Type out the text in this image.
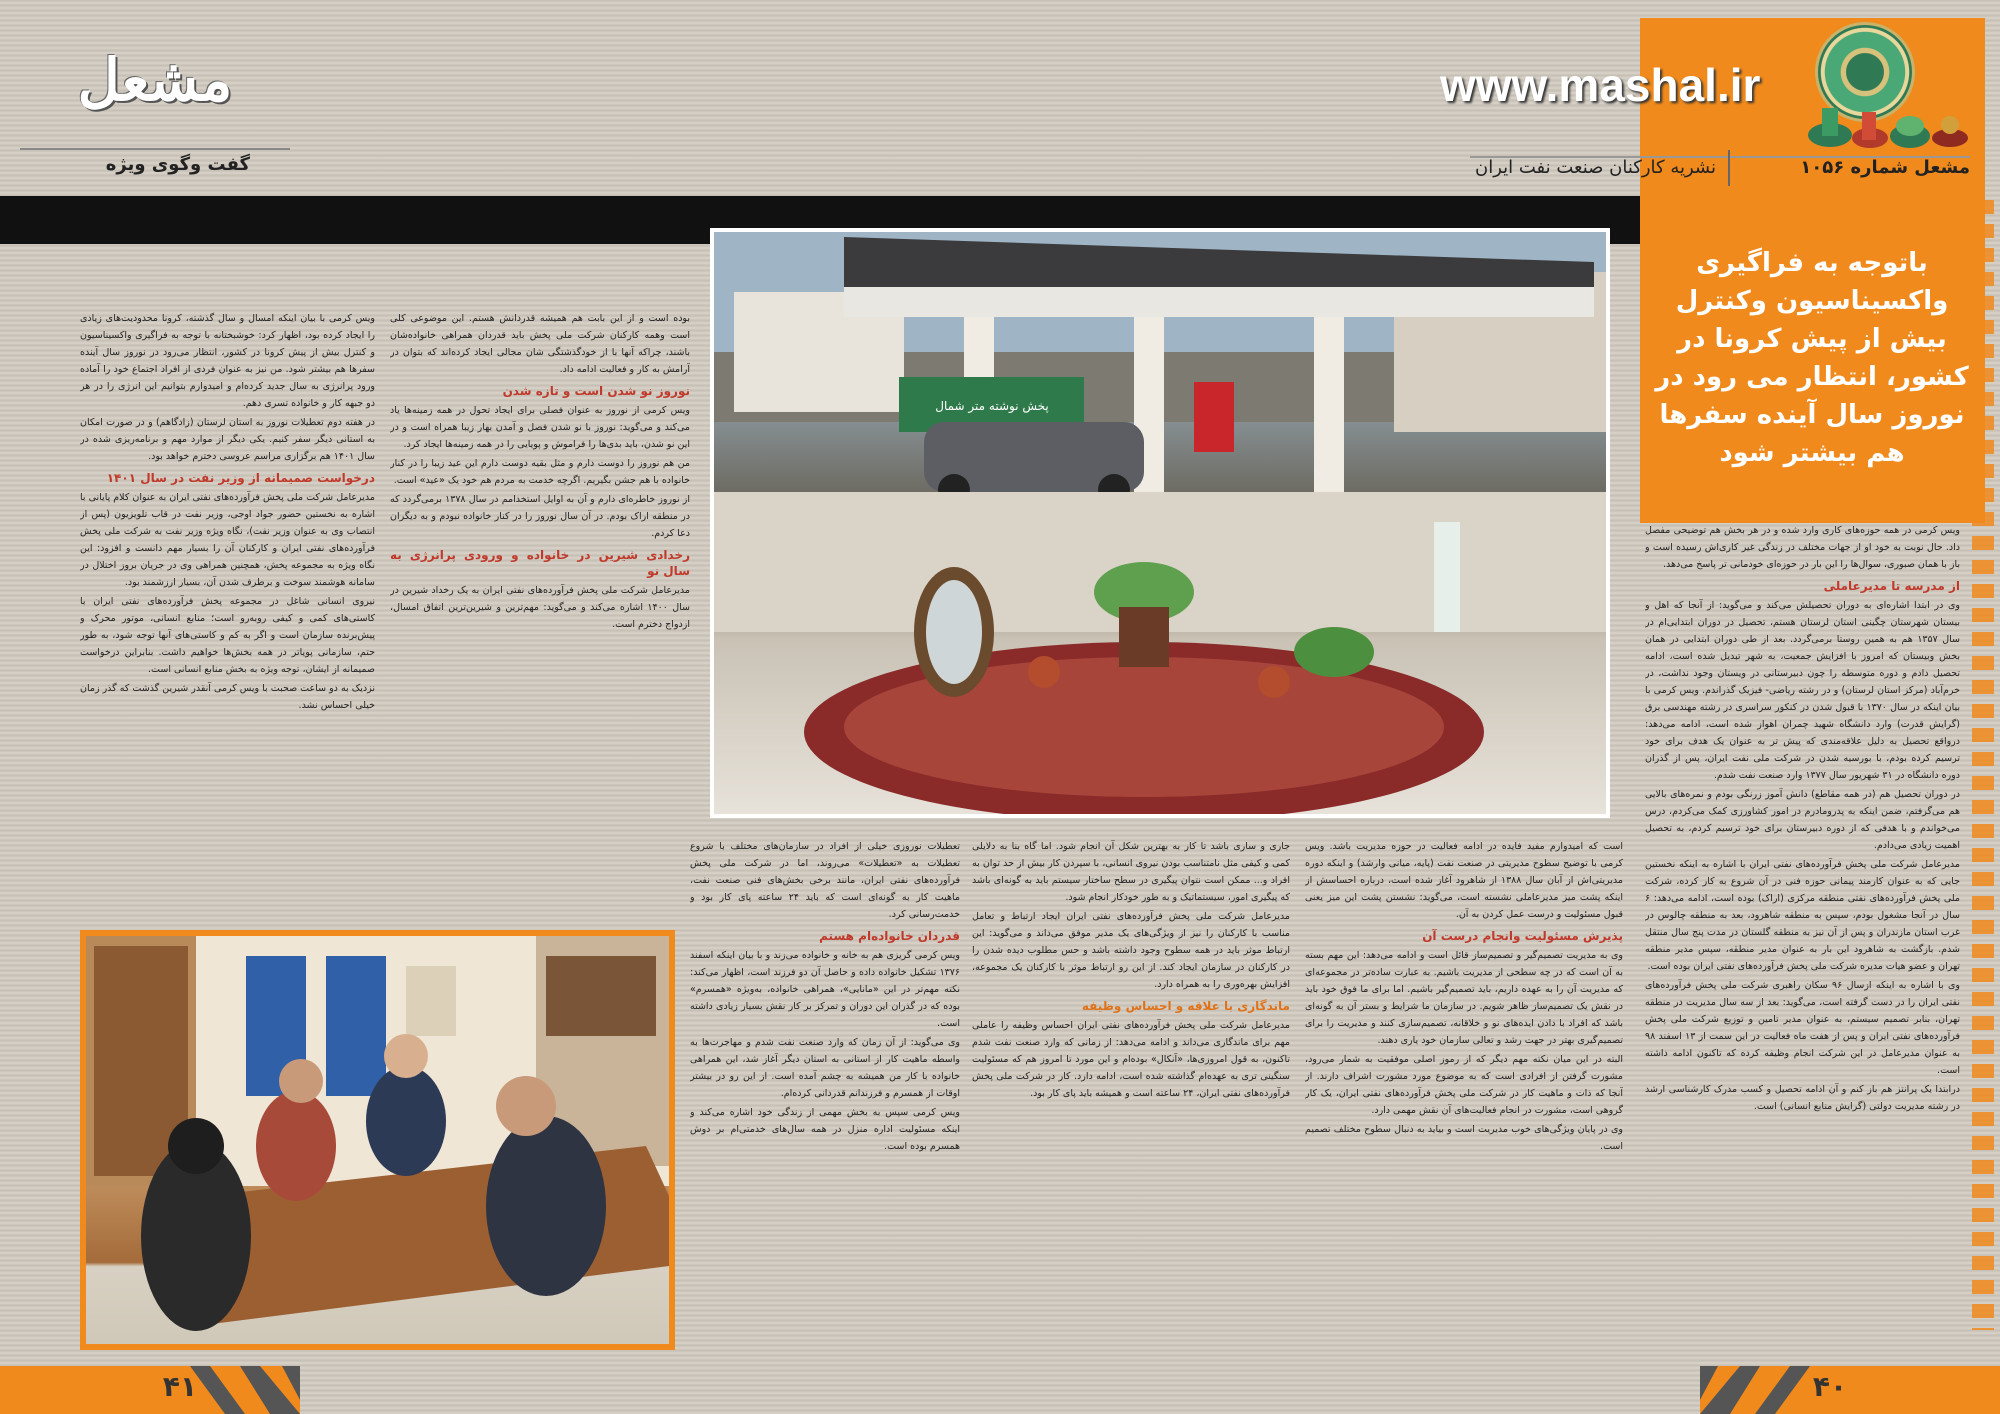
مشعل
گفت وگوی ویژه
www.mashal.ir
مشعل شماره ۱۰۵۶
نشریه کارکنان صنعت نفت ایران
باتوجه به فراگیری واکسیناسیون وکنترل بیش از پیش کرونا در کشور، انتظار می رود در نوروز سال آینده سفرها هم بیشتر شود

ویس کرمی در همه حوزه‌های کاری وارد شده و در هر بخش هم توضیحی مفصل داد. حال نوبت به خود او از جهات مختلف در زندگی غیر کاری‌اش رسیده است و باز با همان صبوری، سوال‌ها را این بار در حوزه‌ای خودمانی تر پاسخ می‌دهد.

از مدرسه تا مدیرعاملی

وی در ابتدا اشاره‌ای به دوران تحصیلش می‌کند و می‌گوید: از آنجا که اهل و بیستان شهرستان چگینی استان لرستان هستم، تحصیل در دوران ابتدایی‌ام در سال ۱۳۵۷ هم به همین روستا برمی‌گردد. بعد از طی دوران ابتدایی در همان بخش وبیستان که امروز با افزایش جمعیت، به شهر تبدیل شده است، ادامه تحصیل دادم و دوره متوسطه را چون دبیرستانی در ویستان وجود نداشت، در خرم‌آباد (مرکز استان لرستان) و در رشته ریاضی- فیزیک گذراندم. ویس کرمی با بیان اینکه در سال ۱۳۷۰ با قبول شدن در کنکور سراسری در رشته مهندسی برق (گرایش قدرت) وارد دانشگاه شهید چمران اهواز شده است، ادامه می‌دهد: درواقع تحصیل به دلیل علاقه‌مندی که پیش تر به عنوان یک هدف برای خود ترسیم کرده بودم، با بورسیه شدن در شرکت ملی نفت ایران، پس از گذران دوره دانشگاه در ۳۱ شهریور سال ۱۳۷۷ وارد صنعت نفت شدم.

در دوران تحصیل هم (در همه مقاطع) دانش آموز زرنگی بودم و نمره‌های بالایی هم می‌گرفتم، ضمن اینکه به پدرومادرم در امور کشاورزی کمک می‌کردم، درس می‌خواندم و با هدفی که از دوره دبیرستان برای خود ترسیم کردم، به تحصیل اهمیت زیادی می‌دادم.

مدیرعامل شرکت ملی پخش فرآورده‌های نفتی ایران با اشاره به اینکه نخستین جایی که به عنوان کارمند پیمانی حوزه فنی در آن شروع به کار کرده، شرکت ملی پخش فرآورده‌های نفتی منطقه مرکزی (اراک) بوده است، ادامه می‌دهد: ۶ سال در آنجا مشغول بودم، سپس به منطقه شاهرود، بعد به منطقه چالوس در غرب استان مازندران و پس از آن نیز به منطقه گلستان در مدت پنج سال منتقل شدم. بازگشت به شاهرود این بار به عنوان مدیر منطقه، سپس مدیر منطقه تهران و عضو هیات مدیره شرکت ملی پخش فرآورده‌های نفتی ایران بوده است.

وی با اشاره به اینکه ازسال ۹۶ سکان راهبری شرکت ملی پخش فرآورده‌های نفتی ایران را در دست گرفته است، می‌گوید: بعد از سه سال مدیریت در منطقه تهران، بنابر تصمیم سیستم، به عنوان مدیر تامین و توزیع شرکت ملی پخش فرآورده‌های نفتی ایران و پس از هفت ماه فعالیت در این سمت از ۱۳ اسفند ۹۸ به عنوان مدیرعامل در این شرکت انجام وظیفه کرده که تاکنون ادامه داشته است.

درابتدا یک پرانتز هم باز کنم و آن ادامه تحصیل و کسب مدرک کارشناسی ارشد در رشته مدیریت دولتی (گرایش منابع انسانی) است.

پخش نوشته متر شمال

است که امیدوارم مفید فایده در ادامه فعالیت در حوزه مدیریت باشد. ویس کرمی با توضیح سطوح مدیریتی در صنعت نفت (پایه، میانی وارشد) و اینکه دوره مدیریتی‌اش از آبان سال ۱۳۸۸ از شاهرود آغاز شده است، درباره احساسش از اینکه پشت میز مدیرعاملی نشسته است، می‌گوید: نشستن پشت این میز یعنی قبول مسئولیت و درست عمل کردن به آن.

پذیرش مسئولیت وانجام درست آن

وی به مدیریت تصمیم‌گیر و تصمیم‌ساز قائل است و ادامه می‌دهد: این مهم بسته به آن است که در چه سطحی از مدیریت باشیم. به عبارت ساده‌تر در مجموعه‌ای که مدیریت آن را به عهده داریم، باید تصمیم‌گیر باشیم. اما برای ما فوق خود باید در نقش یک تصمیم‌ساز ظاهر شویم. در سازمان ما شرایط و بستر آن به گونه‌ای باشد که افراد با دادن ایده‌های نو و خلاقانه، تصمیم‌سازی کنند و مدیریت را برای تصمیم‌گیری بهتر در جهت رشد و تعالی سازمان خود یاری دهند.

البته در این میان نکته مهم دیگر که از رموز اصلی موفقیت به شمار می‌رود، مشورت گرفتن از افرادی است که به موضوع مورد مشورت اشراف دارند. از آنجا که ذات و ماهیت کار در شرکت ملی پخش فرآورده‌های نفتی ایران، یک کار گروهی است، مشورت در انجام فعالیت‌های آن نقش مهمی دارد.

وی در پایان ویژگی‌های خوب مدیریت است و بیاید به دنبال سطوح مختلف تصمیم است.

جاری و ساری باشد تا کار به بهترین شکل آن انجام شود. اما گاه بنا به دلایلی کمی و کیفی مثل نامتناسب بودن نیروی انسانی، با سپردن کار بیش از حد توان به افراد و... ممکن است نتوان پیگیری در سطح ساختار سیستم باید به گونه‌ای باشد که پیگیری امور، سیستماتیک و به طور خودکار انجام شود.

مدیرعامل شرکت ملی پخش فرآورده‌های نفتی ایران ایجاد ارتباط و تعامل مناسب با کارکنان را نیز از ویژگی‌های یک مدیر موفق می‌داند و می‌گوید: این ارتباط موثر باید در همه سطوح وجود داشته باشد و حس مطلوب دیده شدن را در کارکنان در سازمان ایجاد کند. از این رو ارتباط موثر با کارکنان یک مجموعه، افزایش بهره‌وری را به همراه دارد.

ماندگاری با علاقه و احساس وظیفه

مدیرعامل شرکت ملی پخش فرآورده‌های نفتی ایران احساس وظیفه را عاملی مهم برای ماندگاری می‌داند و ادامه می‌دهد: از زمانی که وارد صنعت نفت شدم تاکنون، به قول امروزی‌ها، «آنکال» بوده‌ام و این مورد تا امروز هم که مسئولیت سنگینی تری به عهده‌ام گذاشته شده است، ادامه دارد. کار در شرکت ملی پخش فرآورده‌های نفتی ایران، ۲۴ ساعته است و همیشه باید پای کار بود.

تعطیلات نوروزی خیلی از افراد در سازمان‌های مختلف با شروع تعطیلات به «تعطیلات» می‌روند، اما در شرکت ملی پخش فرآورده‌های نفتی ایران، مانند برخی بخش‌های فنی صنعت نفت، ماهیت کار به گونه‌ای است که باید ۲۴ ساعته پای کار بود و خدمت‌رسانی کرد.

قدردان خانواده‌ام هستم

ویس کرمی گریزی هم به خانه و خانواده می‌زند و با بیان اینکه اسفند ۱۳۷۶ تشکیل خانواده داده و حاصل آن دو فرزند است، اظهار می‌کند: نکته مهم‌تر در این «مانایی»، همراهی خانواده، به‌ویژه «همسرم» بوده که در گذران این دوران و تمرکز بر کار نقش بسیار زیادی داشته است.

وی می‌گوید: از آن زمان که وارد صنعت نفت شدم و مهاجرت‌ها به واسطه ماهیت کار از استانی به استان دیگر آغاز شد، این همراهی خانواده با کار من همیشه به چشم آمده است. از این رو در بیشتر اوقات از همسرم و فرزندانم قدردانی کرده‌ام.

ویس کرمی سپس به بخش مهمی از زندگی خود اشاره می‌کند و اینکه مسئولیت اداره منزل در همه سال‌های خدمتی‌ام بر دوش همسرم بوده است.

بوده است و از این بابت هم همیشه قدردانش هستم. این موضوعی کلی است وهمه کارکنان شرکت ملی پخش باید قدردان همراهی خانواده‌شان باشند، چراکه آنها با از خودگذشتگی شان مجالی ایجاد کرده‌اند که بتوان در آرامش به کار و فعالیت ادامه داد.

نوروز نو شدن است و تازه شدن

ویس کرمی از نوروز به عنوان فصلی برای ایجاد تحول در همه زمینه‌ها یاد می‌کند و می‌گوید: نوروز با نو شدن فصل و آمدن بهار زیبا همراه است و در این نو شدن، باید بدی‌ها را فراموش و پویایی را در همه زمینه‌ها ایجاد کرد.

من هم نوروز را دوست دارم و مثل بقیه دوست دارم این عید زیبا را در کنار خانواده با هم جشن بگیریم. اگرچه خدمت به مردم هم خود یک «عید» است.

از نوروز خاطره‌ای دارم و آن به اوایل استخدامم در سال ۱۳۷۸ برمی‌گردد که در منطقه اراک بودم. در آن سال نوروز را در کنار خانواده نبودم و به دیگران دعا کردم.

رخدادی شیرین در خانواده و ورودی پرانرژی به سال نو

مدیرعامل شرکت ملی پخش فرآورده‌های نفتی ایران به یک رخداد شیرین در سال ۱۴۰۰ اشاره می‌کند و می‌گوید: مهم‌ترین و شیرین‌ترین اتفاق امسال، ازدواج دخترم است.

ویس کرمی با بیان اینکه امسال و سال گذشته، کرونا محدودیت‌های زیادی را ایجاد کرده بود، اظهار کرد: خوشبختانه با توجه به فراگیری واکسیناسیون و کنترل بیش از پیش کرونا در کشور، انتظار می‌رود در نوروز سال آینده سفرها هم بیشتر شود. من نیز به عنوان فردی از افراد اجتماع خود را آماده ورود پرانرژی به سال جدید کرده‌ام و امیدوارم بتوانیم این انرژی را در هر دو جبهه کار و خانواده تسری دهم.

در هفته دوم تعطیلات نوروز به استان لرستان (زادگاهم) و در صورت امکان به استانی دیگر سفر کنیم. یکی دیگر از موارد مهم و برنامه‌ریزی شده در سال ۱۴۰۱ هم برگزاری مراسم عروسی دخترم خواهد بود.

درخواست صمیمانه از وزیر نفت در سال ۱۴۰۱

مدیرعامل شرکت ملی پخش فرآورده‌های نفتی ایران به عنوان کلام پایانی با اشاره به نخستین حضور جواد اوجی، وزیر نفت در قاب تلویزیون (پس از انتصاب وی به عنوان وزیر نفت)، نگاه ویژه وزیر نفت به شرکت ملی پخش فرآورده‌های نفتی ایران و کارکنان آن را بسیار مهم دانست و افزود: این نگاه ویژه به مجموعه پخش، همچنین همراهی وی در جریان بروز اختلال در سامانه هوشمند سوخت و برطرف شدن آن، بسیار ارزشمند بود.

نیروی انسانی شاغل در مجموعه پخش فرآورده‌های نفتی ایران با کاستی‌های کمی و کیفی روبه‌رو است؛ منابع انسانی، موتور محرک و پیش‌برنده سازمان است و اگر به کم و کاستی‌های آنها توجه شود، به طور حتم، سازمانی پویاتر در همه بخش‌ها خواهیم داشت. بنابراین درخواست صمیمانه از ایشان، توجه ویژه به بخش منابع انسانی است.

نزدیک به دو ساعت صحبت با ویس کرمی آنقدر شیرین گذشت که گذر زمان خیلی احساس نشد.

۴۱	۴۰
